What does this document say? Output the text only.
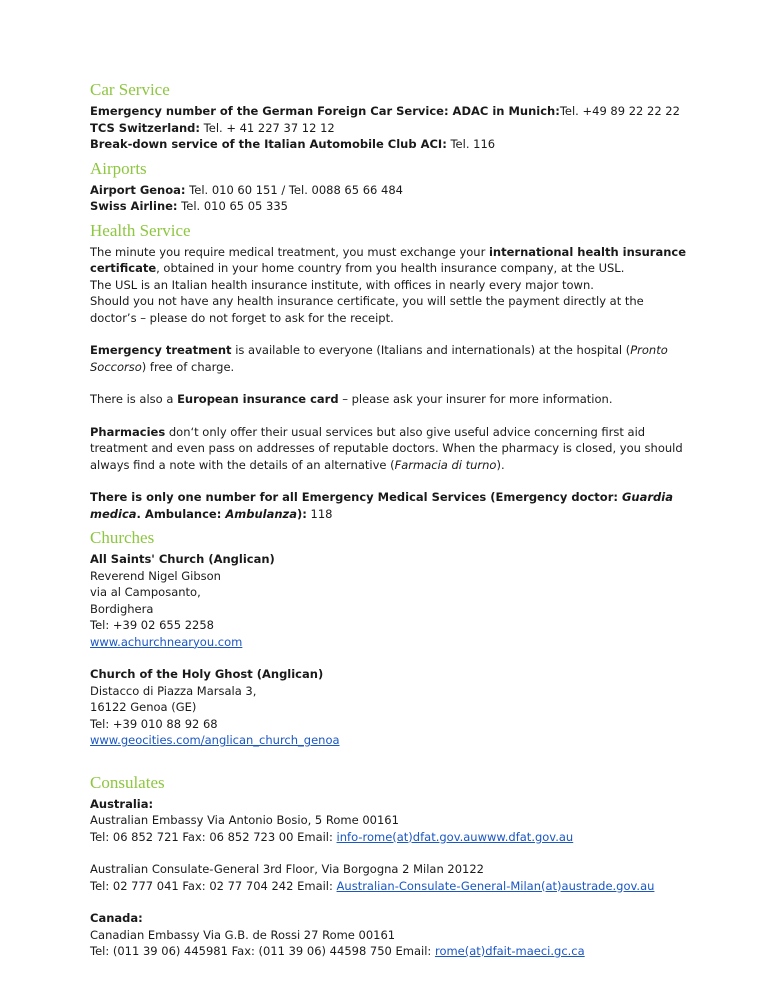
Car Service

Emergency number of the German Foreign Car Service: ADAC in Munich:Tel. +49 89 22 22 22

TCS Switzerland: Tel. + 41 227 37 12 12

Break-down service of the Italian Automobile Club ACI: Tel. 116

Airports

Airport Genoa: Tel. 010 60 151 / Tel. 0088 65 66 484

Swiss Airline: Tel. 010 65 05 335

Health Service

The minute you require medical treatment, you must exchange your international health insurance certificate, obtained in your home country from you health insurance company, at the USL.

The USL is an Italian health insurance institute, with offices in nearly every major town.

Should you not have any health insurance certificate, you will settle the payment directly at the doctor’s – please do not forget to ask for the receipt.

Emergency treatment is available to everyone (Italians and internationals) at the hospital (Pronto Soccorso) free of charge.

There is also a European insurance card – please ask your insurer for more information.

Pharmacies don‘t only offer their usual services but also give useful advice concerning first aid treatment and even pass on addresses of reputable doctors. When the pharmacy is closed, you should always find a note with the details of an alternative (Farmacia di turno).

There is only one number for all Emergency Medical Services (Emergency doctor: Guardia medica. Ambulance: Ambulanza): 118

Churches

All Saints' Church (Anglican)

Reverend Nigel Gibson

via al Camposanto,

Bordighera

Tel: +39 02 655 2258

www.achurchnearyou.com

Church of the Holy Ghost (Anglican)

Distacco di Piazza Marsala 3,

16122 Genoa (GE)

Tel: +39 010 88 92 68

www.geocities.com/anglican_church_genoa

Consulates

Australia:

Australian Embassy Via Antonio Bosio, 5 Rome 00161

Tel: 06 852 721 Fax: 06 852 723 00 Email: info-rome(at)dfat.gov.auwww.dfat.gov.au

Australian Consulate-General 3rd Floor, Via Borgogna 2 Milan 20122

Tel: 02 777 041 Fax: 02 77 704 242 Email: Australian-Consulate-General-Milan(at)austrade.gov.au

Canada:

Canadian Embassy Via G.B. de Rossi 27 Rome 00161

Tel: (011 39 06) 445981 Fax: (011 39 06) 44598 750 Email: rome(at)dfait-maeci.gc.ca
